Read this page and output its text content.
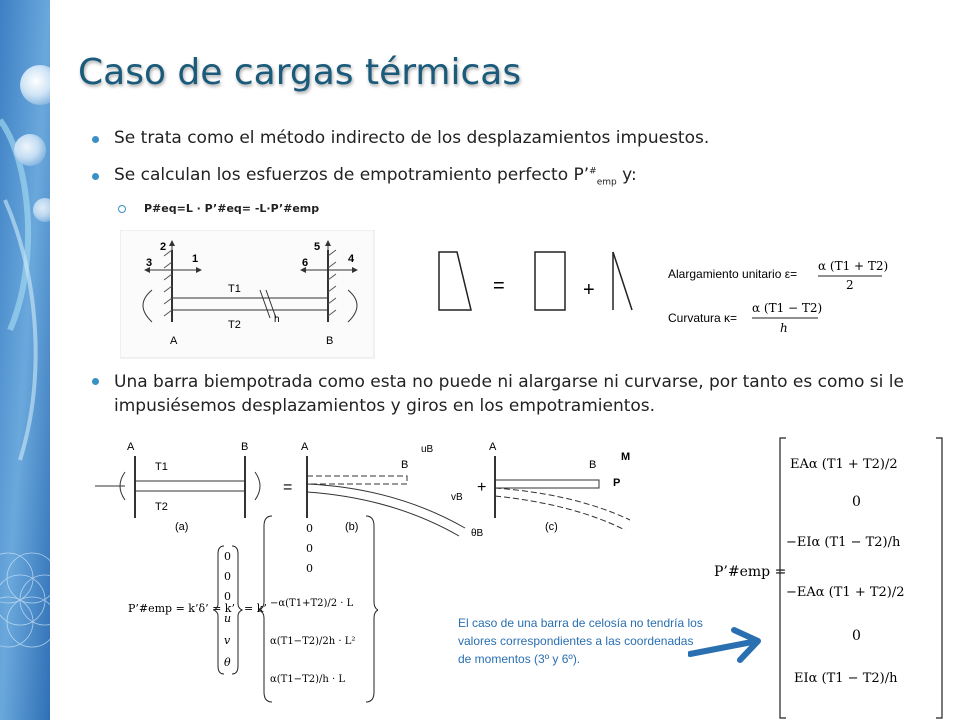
Caso de cargas térmicas
Se trata como el método indirecto de los desplazamientos impuestos.
Se calculan los esfuerzos de empotramiento perfecto $P’^{\#}_{emp}$ y:
P#eq=L · P’#eq= -L·P’#emp
2
1
3
T1
T2	h
A
5
4
6
B
=	+
Alargamiento unitario ε=
α (T1 + T2)
2
Curvatura κ=
α (T1 − T2)
h
Una barra biempotrada como esta no puede ni alargarse ni curvarse, por tanto es como si le impusiésemos desplazamientos y giros en los empotramientos.
A
T1
B
T2
(a)
=
A
B
uB
vB
θB
(b)
+
A
B
P
M
(c)
P’#emp = k’δ’ = k’
0
0
0
u
v
θ
= k’
0
0
0
−α(T1+T2)/2 · L
α(T1−T2)/2h · L²
α(T1−T2)/h · L
El caso de una barra de celosía no tendría los valores correspondientes a las coordenadas de momentos (3º y 6º).
P’#emp =
EAα (T1 + T2)/2
0
−EIα (T1 − T2)/h
−EAα (T1 + T2)/2
0
EIα (T1 − T2)/h
